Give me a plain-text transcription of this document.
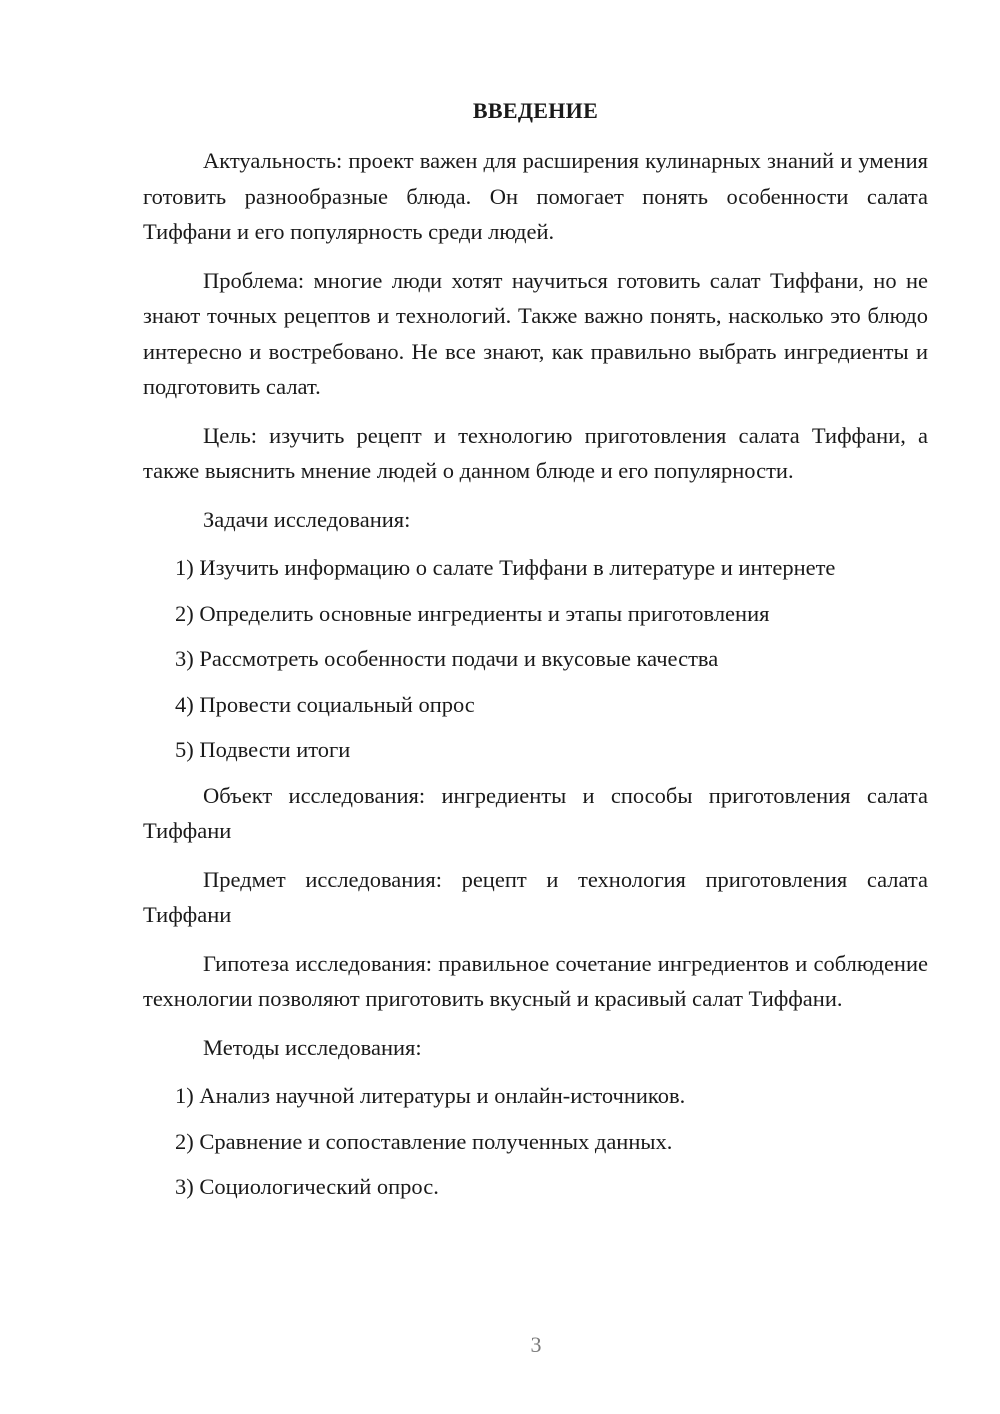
ВВЕДЕНИЕ

Актуальность: проект важен для расширения кулинарных знаний и умения готовить разнообразные блюда. Он помогает понять особенности салата Тиффани и его популярность среди людей.

Проблема: многие люди хотят научиться готовить салат Тиффани, но не знают точных рецептов и технологий. Также важно понять, насколько это блюдо интересно и востребовано. Не все знают, как правильно выбрать ингредиенты и подготовить салат.

Цель: изучить рецепт и технологию приготовления салата Тиффани, а также выяснить мнение людей о данном блюде и его популярности.

Задачи исследования:

1) Изучить информацию о салате Тиффани в литературе и интернете
2) Определить основные ингредиенты и этапы приготовления
3) Рассмотреть особенности подачи и вкусовые качества
4) Провести социальный опрос
5) Подвести итоги

Объект исследования: ингредиенты и способы приготовления салата Тиффани

Предмет исследования: рецепт и технология приготовления салата Тиффани

Гипотеза исследования: правильное сочетание ингредиентов и соблюдение технологии позволяют приготовить вкусный и красивый салат Тиффани.

Методы исследования:

1) Анализ научной литературы и онлайн-источников.
2) Сравнение и сопоставление полученных данных.
3) Социологический опрос.
3
